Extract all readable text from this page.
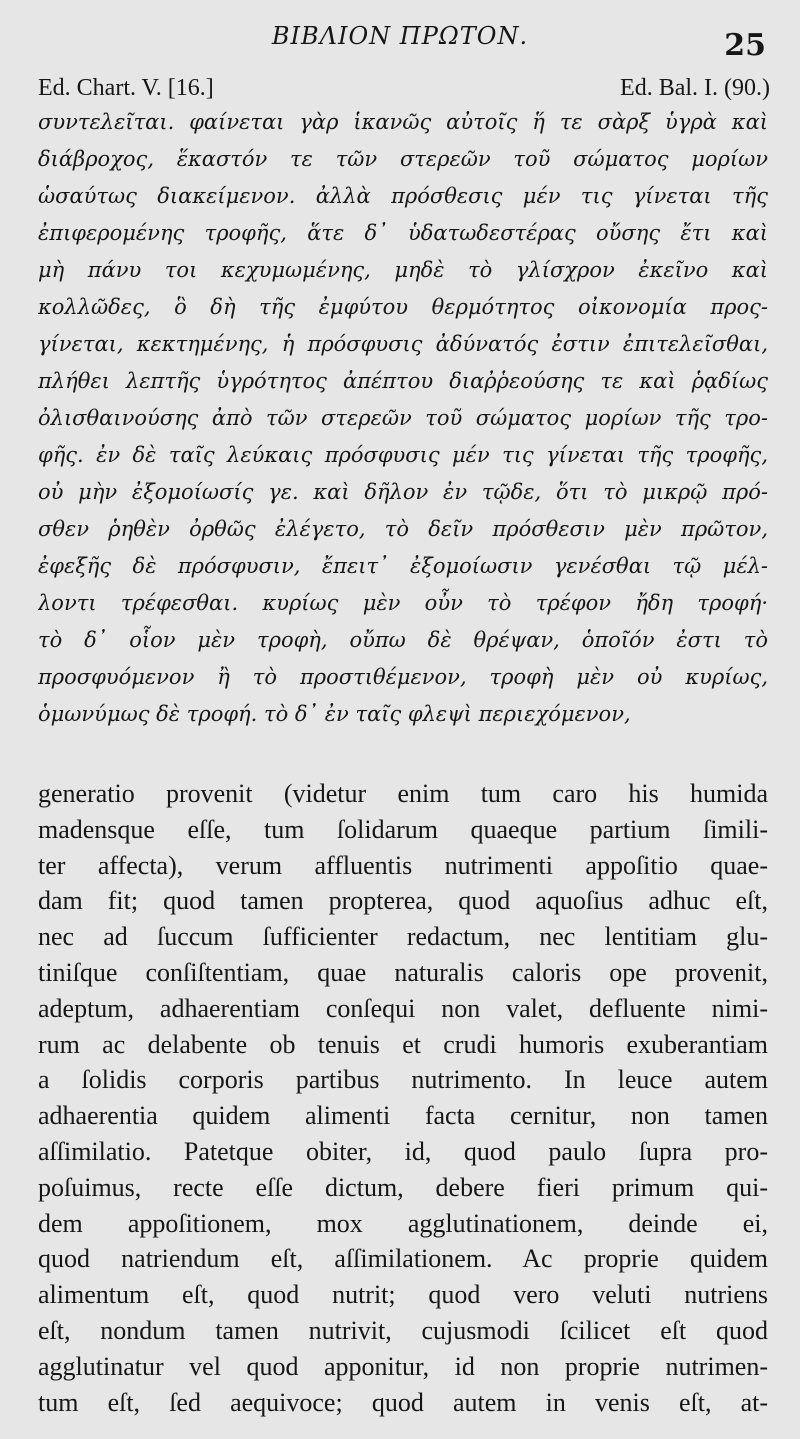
ΒΙΒΛΙΟΝ ΠΡΩΤΟΝ.	25
Ed. Chart. V. [16.]	Ed. Bal. I. (90.)
συντελεῖται. φαίνεται γὰρ ἱκανῶς αὐτοῖς ἥ τε σὰρξ ὑγρὰ καὶ
διάβροχος, ἕκαστόν τε τῶν στερεῶν τοῦ σώματος μορίων
ὡσαύτως διακείμενον. ἀλλὰ πρόσθεσις μέν τις γίνεται τῆς
ἐπιφερομένης τροφῆς, ἅτε δ᾽ ὑδατωδεστέρας οὔσης ἔτι καὶ
μὴ πάνυ τοι κεχυμωμένης, μηδὲ τὸ γλίσχρον ἐκεῖνο καὶ
κολλῶδες, ὃ δὴ τῆς ἐμφύτου θερμότητος οἰκονομία προς-
γίνεται, κεκτημένης, ἡ πρόσφυσις ἀδύνατός ἐστιν ἐπιτελεῖσθαι,
πλήθει λεπτῆς ὑγρότητος ἀπέπτου διαῤῥεούσης τε καὶ ῥᾳδίως
ὀλισθαινούσης ἀπὸ τῶν στερεῶν τοῦ σώματος μορίων τῆς τρο-
φῆς. ἐν δὲ ταῖς λεύκαις πρόσφυσις μέν τις γίνεται τῆς τροφῆς,
οὐ μὴν ἐξομοίωσίς γε. καὶ δῆλον ἐν τῷδε, ὅτι τὸ μικρῷ πρό-
σθεν ῥηθὲν ὀρθῶς ἐλέγετο, τὸ δεῖν πρόσθεσιν μὲν πρῶτον,
ἐφεξῆς δὲ πρόσφυσιν, ἔπειτ᾽ ἐξομοίωσιν γενέσθαι τῷ μέλ-
λοντι τρέφεσθαι. κυρίως μὲν οὖν τὸ τρέφον ἤδη τροφή·
τὸ δ᾽ οἷον μὲν τροφὴ, οὔπω δὲ θρέψαν, ὁποῖόν ἐστι τὸ
προσφυόμενον ἢ τὸ προστιθέμενον, τροφὴ μὲν οὐ κυρίως,
ὁμωνύμως δὲ τροφή. τὸ δ᾽ ἐν ταῖς φλεψὶ περιεχόμενον,
generatio provenit (videtur enim tum caro his humida
madensque eſſe, tum ſolidarum quaeque partium ſimili-
ter affecta), verum affluentis nutrimenti appoſitio quae-
dam fit; quod tamen propterea, quod aquoſius adhuc eſt,
nec ad ſuccum ſufficienter redactum, nec lentitiam glu-
tiniſque conſiſtentiam, quae naturalis caloris ope provenit,
adeptum, adhaerentiam conſequi non valet, defluente nimi-
rum ac delabente ob tenuis et crudi humoris exuberantiam
a ſolidis corporis partibus nutrimento. In leuce autem
adhaerentia quidem alimenti facta cernitur, non tamen
aſſimilatio. Patetque obiter, id, quod paulo ſupra pro-
poſuimus, recte eſſe dictum, debere fieri primum qui-
dem appoſitionem, mox agglutinationem, deinde ei,
quod natriendum eſt, aſſimilationem. Ac proprie quidem
alimentum eſt, quod nutrit; quod vero veluti nutriens
eſt, nondum tamen nutrivit, cujusmodi ſcilicet eſt quod
agglutinatur vel quod apponitur, id non proprie nutrimen-
tum eſt, ſed aequivoce; quod autem in venis eſt, at-
